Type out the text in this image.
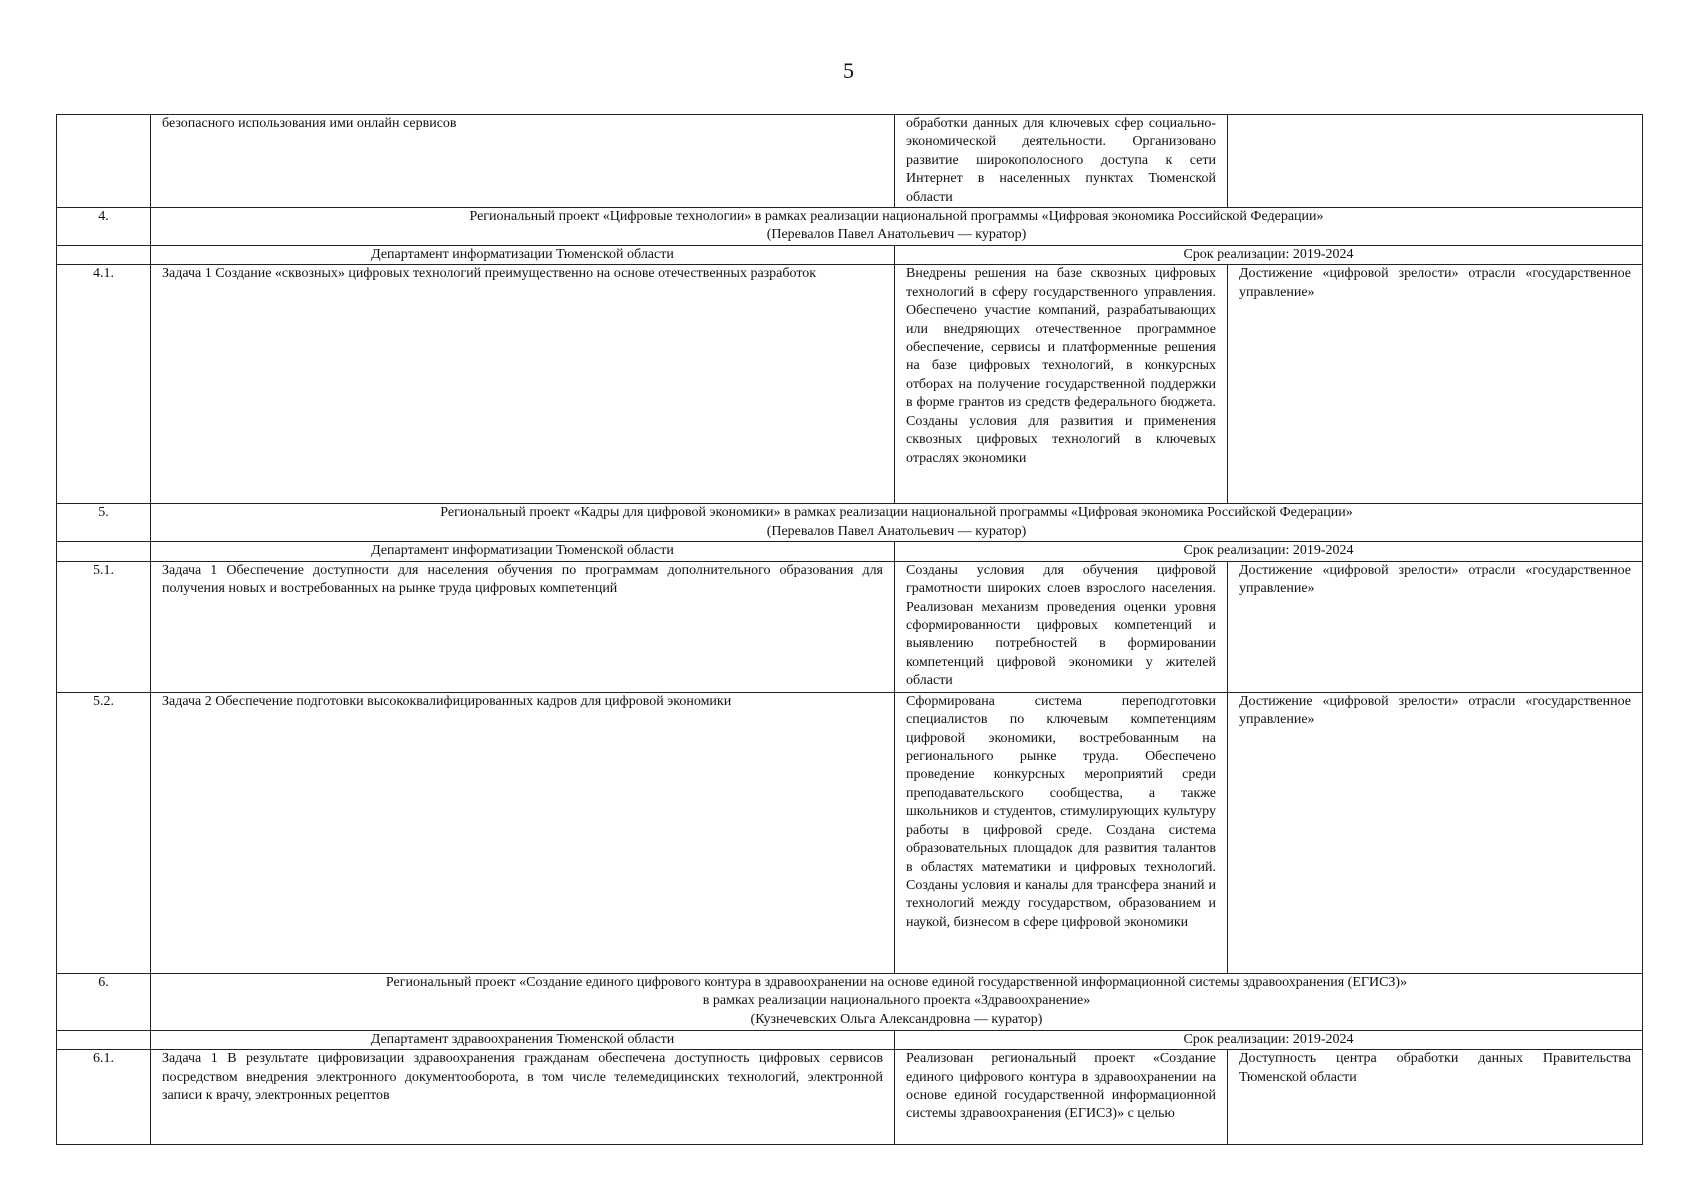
5
	безопасного использования ими онлайн сервисов	обработки данных для ключевых сфер социально-экономической деятельности. Организовано развитие широкополосного доступа к сети Интернет в населенных пунктах Тюменской области	
4.	Региональный проект «Цифровые технологии» в рамках реализации национальной программы «Цифровая экономика Российской Федерации»
(Перевалов Павел Анатольевич — куратор)		

	Департамент информатизации Тюменской области	Срок реализации: 2019-2024	
4.1.	Задача 1 Создание «сквозных» цифровых технологий преимущественно на основе отечественных разработок	Внедрены решения на базе сквозных цифровых технологий в сферу государственного управления. Обеспечено участие компаний, разрабатывающих или внедряющих отечественное программное обеспечение, сервисы и платформенные решения на базе цифровых технологий, в конкурсных отборах на получение государственной поддержки в форме грантов из средств федерального бюджета. Созданы условия для развития и применения сквозных цифровых технологий в ключевых отраслях экономики	Достижение «цифровой зрелости» отрасли «государственное управление»
5.	Региональный проект «Кадры для цифровой экономики» в рамках реализации национальной программы «Цифровая экономика Российской Федерации»
(Перевалов Павел Анатольевич — куратор)		

	Департамент информатизации Тюменской области	Срок реализации: 2019-2024	
5.1.	Задача 1 Обеспечение доступности для населения обучения по программам дополнительного образования для получения новых и востребованных на рынке труда цифровых компетенций	Созданы условия для обучения цифровой грамотности широких слоев взрослого населения. Реализован механизм проведения оценки уровня сформированности цифровых компетенций и выявлению потребностей в формировании компетенций цифровой экономики у жителей области	Достижение «цифровой зрелости» отрасли «государственное управление»
5.2.	Задача 2 Обеспечение подготовки высококвалифицированных кадров для цифровой экономики	Сформирована система переподготовки специалистов по ключевым компетенциям цифровой экономики, востребованным на регионального рынке труда. Обеспечено проведение конкурсных мероприятий среди преподавательского сообщества, а также школьников и студентов, стимулирующих культуру работы в цифровой среде. Создана система образовательных площадок для развития талантов в областях математики и цифровых технологий. Созданы условия и каналы для трансфера знаний и технологий между государством, образованием и наукой, бизнесом в сфере цифровой экономики	Достижение «цифровой зрелости» отрасли «государственное управление»
6.	Региональный проект «Создание единого цифрового контура в здравоохранении на основе единой государственной информационной системы здравоохранения (ЕГИСЗ)»
в рамках реализации национального проекта «Здравоохранение»
(Кузнечевских Ольга Александровна — куратор)		

	Департамент здравоохранения Тюменской области	Срок реализации: 2019-2024	
6.1.	Задача 1 В результате цифровизации здравоохранения гражданам обеспечена доступность цифровых сервисов посредством внедрения электронного документооборота, в том числе телемедицинских технологий, электронной записи к врачу, электронных рецептов	Реализован региональный проект «Создание единого цифрового контура в здравоохранении на основе единой государственной информационной системы здравоохранения (ЕГИСЗ)» с целью	Доступность центра обработки данных Правительства Тюменской области
